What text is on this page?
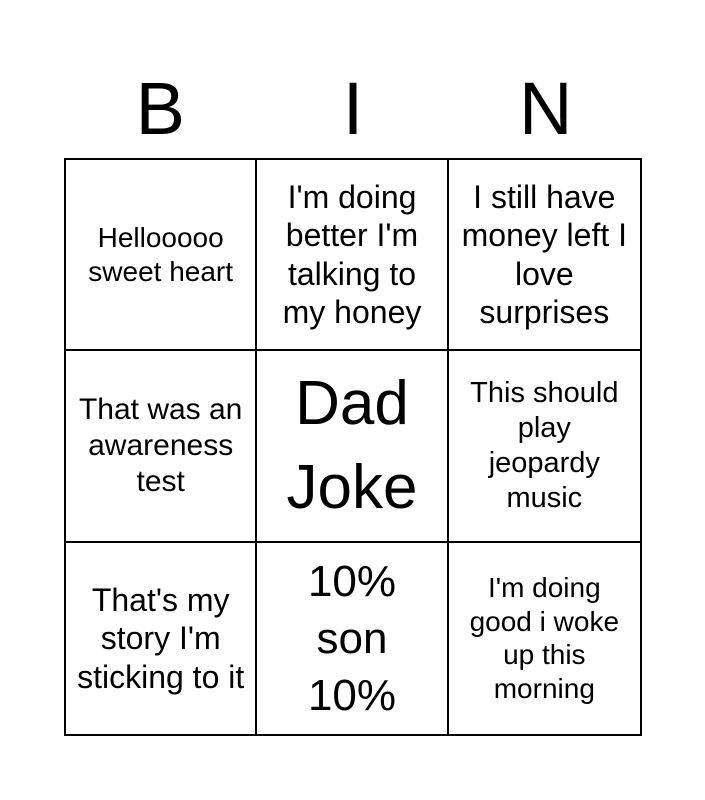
B	I	N
Hellooooo sweet heart
I'm doing better I'm talking to my honey
I still have money left I love surprises
That was an awareness test
Dad Joke
This should play jeopardy music
That's my story I'm sticking to it
10% son 10%
I'm doing good i woke up this morning
